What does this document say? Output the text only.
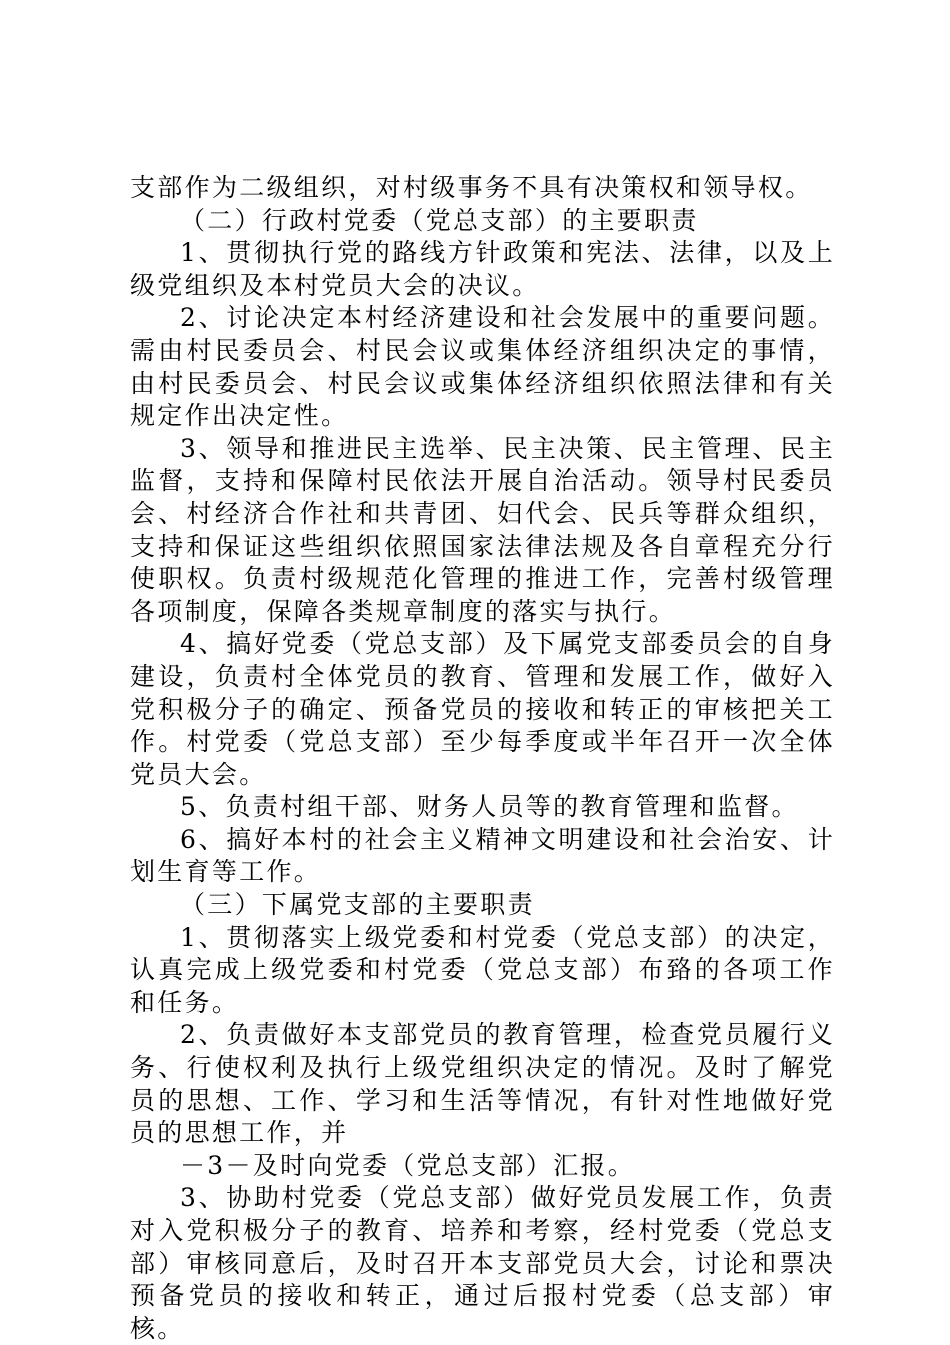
支部作为二级组织，对村级事务不具有决策权和领导权。

（二）行政村党委（党总支部）的主要职责

1、贯彻执行党的路线方针政策和宪法、法律，以及上级党组织及本村党员大会的决议。

2、讨论决定本村经济建设和社会发展中的重要问题。需由村民委员会、村民会议或集体经济组织决定的事情，由村民委员会、村民会议或集体经济组织依照法律和有关规定作出决定性。

3、领导和推进民主选举、民主决策、民主管理、民主监督，支持和保障村民依法开展自治活动。领导村民委员会、村经济合作社和共青团、妇代会、民兵等群众组织，支持和保证这些组织依照国家法律法规及各自章程充分行使职权。负责村级规范化管理的推进工作，完善村级管理各项制度，保障各类规章制度的落实与执行。

4、搞好党委（党总支部）及下属党支部委员会的自身建设，负责村全体党员的教育、管理和发展工作，做好入党积极分子的确定、预备党员的接收和转正的审核把关工作。村党委（党总支部）至少每季度或半年召开一次全体党员大会。

5、负责村组干部、财务人员等的教育管理和监督。

6、搞好本村的社会主义精神文明建设和社会治安、计划生育等工作。

（三）下属党支部的主要职责

1、贯彻落实上级党委和村党委（党总支部）的决定，认真完成上级党委和村党委（党总支部）布臵的各项工作和任务。

2、负责做好本支部党员的教育管理，检查党员履行义务、行使权利及执行上级党组织决定的情况。及时了解党员的思想、工作、学习和生活等情况，有针对性地做好党员的思想工作，并

－3－及时向党委（党总支部）汇报。

3、协助村党委（党总支部）做好党员发展工作，负责对入党积极分子的教育、培养和考察，经村党委（党总支部）审核同意后，及时召开本支部党员大会，讨论和票决预备党员的接收和转正，通过后报村党委（总支部）审核。
